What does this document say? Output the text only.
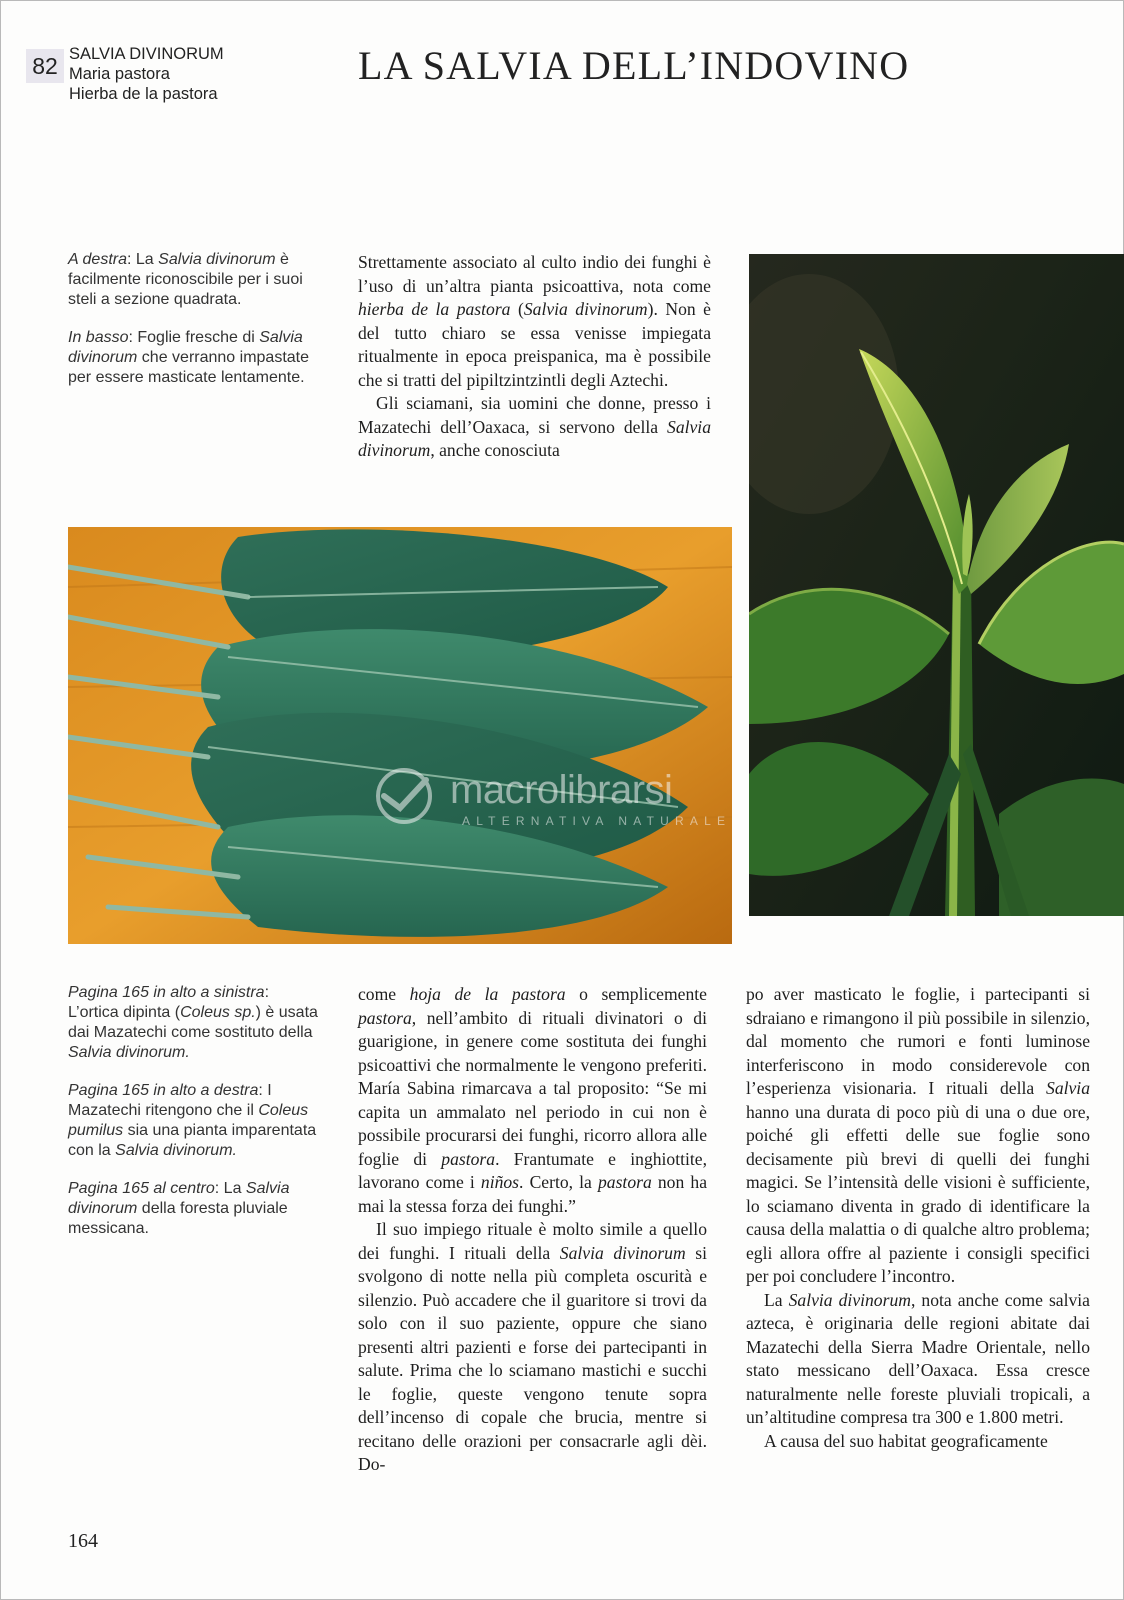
82 SALVIA DIVINORUM
Maria pastora
Hierba de la pastora
LA SALVIA DELL’INDOVINO

A destra: La Salvia divinorum è facilmente riconoscibile per i suoi steli a sezione quadrata.

In basso: Foglie fresche di Salvia divinorum che verranno impastate per essere masticate lentamente.

Strettamente associato al culto indio dei funghi è l’uso di un’altra pianta psicoattiva, nota come hierba de la pastora (Salvia divinorum). Non è del tutto chiaro se essa venisse impiegata ritualmente in epoca preispanica, ma è possibile che si tratti del pipiltzintzintli degli Aztechi.

Gli sciamani, sia uomini che donne, presso i Mazatechi dell’Oaxaca, si servono della Salvia divinorum, anche conosciuta

macrolibrarsi
ALTERNATIVA NATURALE

Pagina 165 in alto a sinistra: L’ortica dipinta (Coleus sp.) è usata dai Mazatechi come sostituto della Salvia divinorum.

Pagina 165 in alto a destra: I Mazatechi ritengono che il Coleus pumilus sia una pianta imparentata con la Salvia divinorum.

Pagina 165 al centro: La Salvia divinorum della foresta pluviale messicana.

come hoja de la pastora o semplicemente pastora, nell’ambito di rituali divinatori o di guarigione, in genere come sostituta dei funghi psicoattivi che normalmente le vengono preferiti. María Sabina rimarcava a tal proposito: “Se mi capita un ammalato nel periodo in cui non è possibile procurarsi dei funghi, ricorro allora alle foglie di pastora. Frantumate e inghiottite, lavorano come i niños. Certo, la pastora non ha mai la stessa forza dei funghi.”

Il suo impiego rituale è molto simile a quello dei funghi. I rituali della Salvia divinorum si svolgono di notte nella più completa oscurità e silenzio. Può accadere che il guaritore si trovi da solo con il suo paziente, oppure che siano presenti altri pazienti e forse dei partecipanti in salute. Prima che lo sciamano mastichi e succhi le foglie, queste vengono tenute sopra dell’incenso di copale che brucia, mentre si recitano delle orazioni per consacrarle agli dèi. Do-

po aver masticato le foglie, i partecipanti si sdraiano e rimangono il più possibile in silenzio, dal momento che rumori e fonti luminose interferiscono in modo considerevole con l’esperienza visionaria. I rituali della Salvia hanno una durata di poco più di una o due ore, poiché gli effetti delle sue foglie sono decisamente più brevi di quelli dei funghi magici. Se l’intensità delle visioni è sufficiente, lo sciamano diventa in grado di identificare la causa della malattia o di qualche altro problema; egli allora offre al paziente i consigli specifici per poi concludere l’incontro.

La Salvia divinorum, nota anche come salvia azteca, è originaria delle regioni abitate dai Mazatechi della Sierra Madre Orientale, nello stato messicano dell’Oaxaca. Essa cresce naturalmente nelle foreste pluviali tropicali, a un’altitudine compresa tra 300 e 1.800 metri.

A causa del suo habitat geograficamente

164
